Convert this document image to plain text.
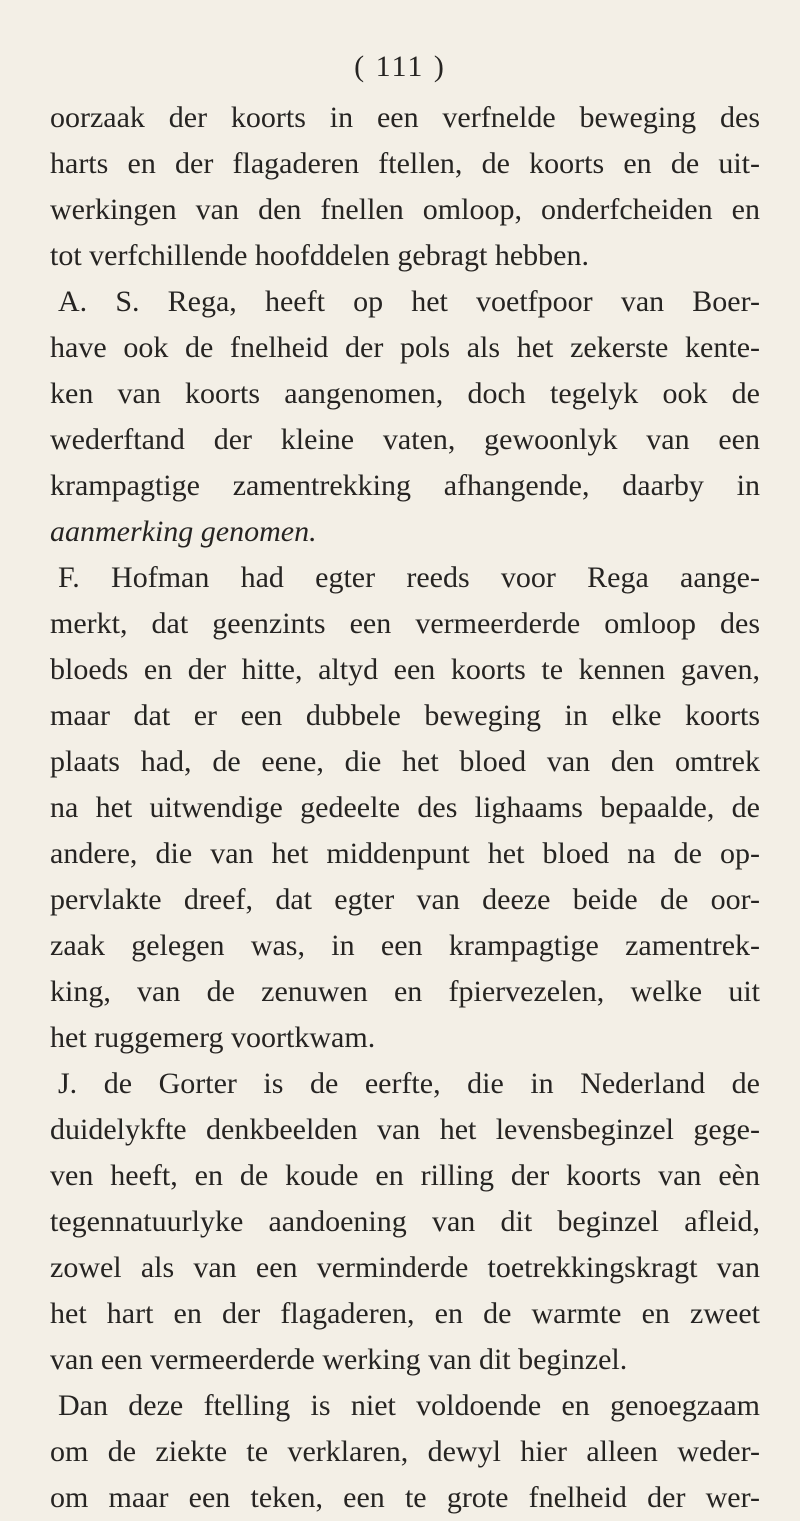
( 111 )
oorzaak der koorts in een verfnelde beweging des
harts en der flagaderen ftellen, de koorts en de uit-
werkingen van den fnellen omloop, onderfcheiden en
tot verfchillende hoofddelen gebragt hebben.
A. S. Rega, heeft op het voetfpoor van Boer-
have ook de fnelheid der pols als het zekerste kente-
ken van koorts aangenomen, doch tegelyk ook de
wederftand der kleine vaten, gewoonlyk van een
krampagtige zamentrekking afhangende, daarby in
aanmerking genomen.
F. Hofman had egter reeds voor Rega aange-
merkt, dat geenzints een vermeerderde omloop des
bloeds en der hitte, altyd een koorts te kennen gaven,
maar dat er een dubbele beweging in elke koorts
plaats had, de eene, die het bloed van den omtrek
na het uitwendige gedeelte des lighaams bepaalde, de
andere, die van het middenpunt het bloed na de op-
pervlakte dreef, dat egter van deeze beide de oor-
zaak gelegen was, in een krampagtige zamentrek-
king, van de zenuwen en fpiervezelen, welke uit
het ruggemerg voortkwam.
J. de Gorter is de eerfte, die in Nederland de
duidelykfte denkbeelden van het levensbeginzel gege-
ven heeft, en de koude en rilling der koorts van eèn
tegennatuurlyke aandoening van dit beginzel afleid,
zowel als van een verminderde toetrekkingskragt van
het hart en der flagaderen, en de warmte en zweet
van een vermeerderde werking van dit beginzel.
Dan deze ftelling is niet voldoende en genoegzaam
om de ziekte te verklaren, dewyl hier alleen weder-
om maar een teken, een te grote fnelheid der wer-
